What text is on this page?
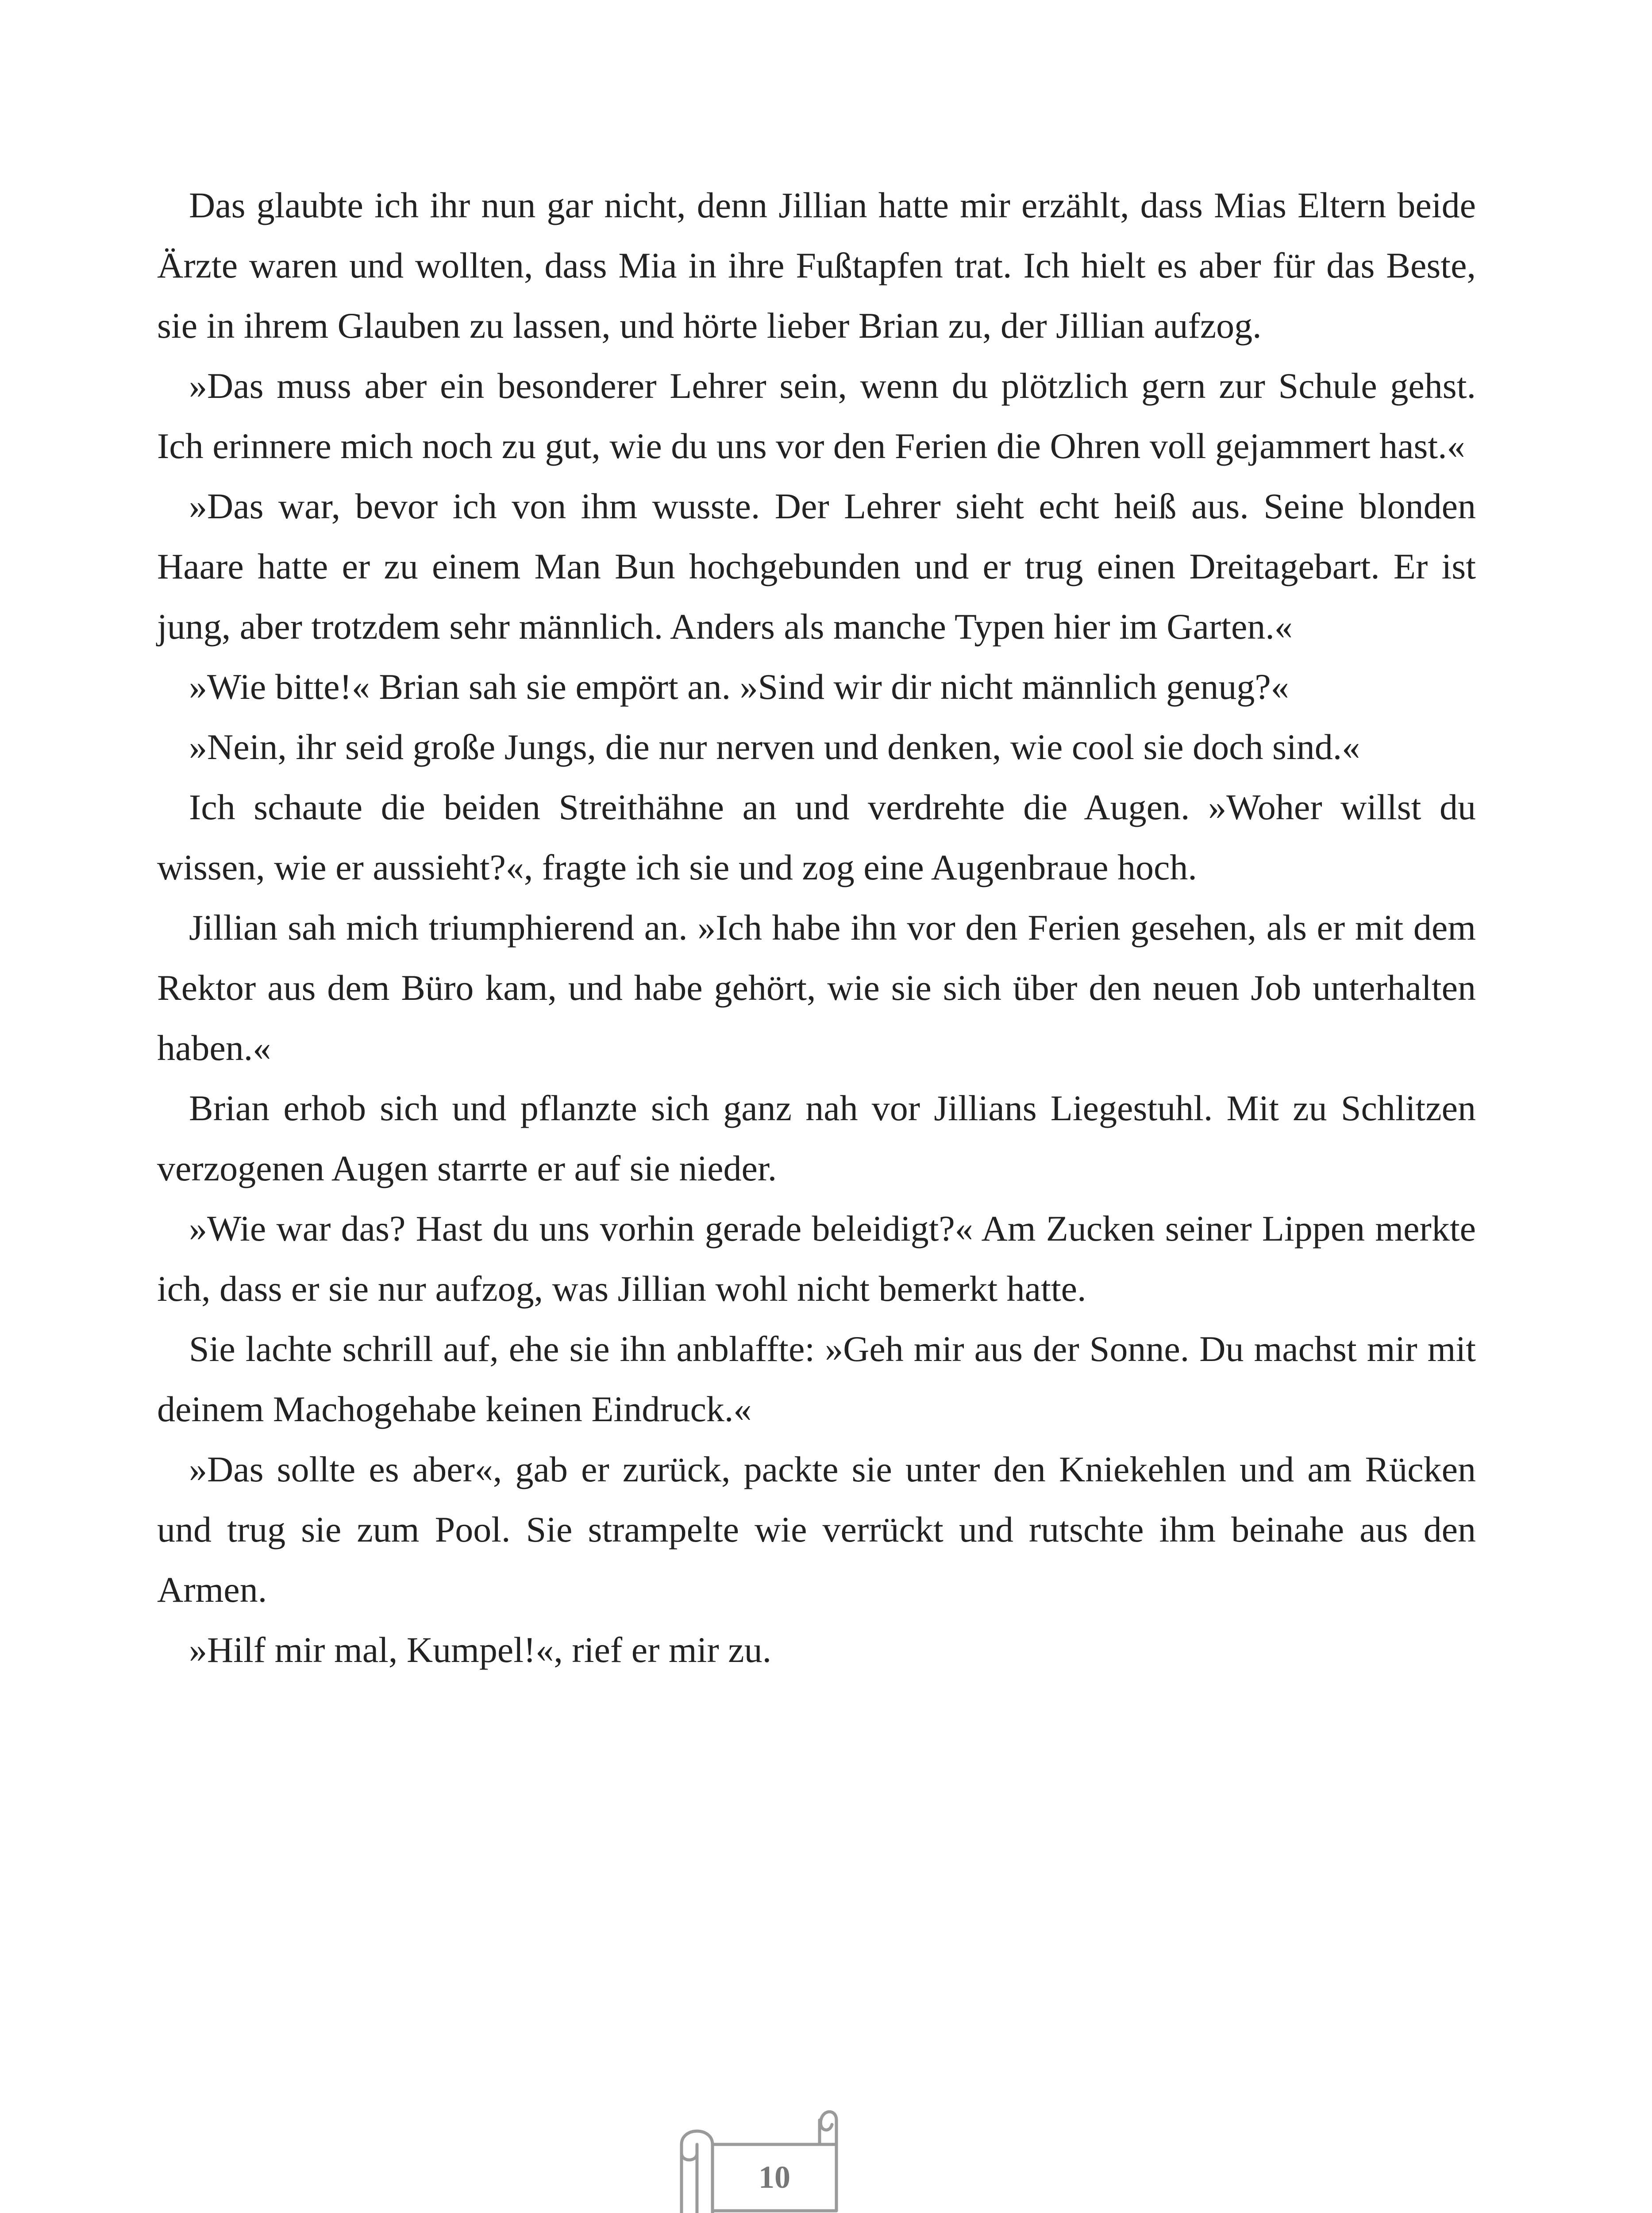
Das glaubte ich ihr nun gar nicht, denn Jillian hatte mir erzählt, dass Mias Eltern beide Ärzte waren und wollten, dass Mia in ihre Fußtapfen trat. Ich hielt es aber für das Beste, sie in ihrem Glauben zu lassen, und hörte lieber Brian zu, der Jillian aufzog.

»Das muss aber ein besonderer Lehrer sein, wenn du plötzlich gern zur Schule gehst. Ich erinnere mich noch zu gut, wie du uns vor den Ferien die Ohren voll gejammert hast.«

»Das war, bevor ich von ihm wusste. Der Lehrer sieht echt heiß aus. Seine blonden Haare hatte er zu einem Man Bun hochgebunden und er trug einen Dreitagebart. Er ist jung, aber trotzdem sehr männlich. Anders als manche Typen hier im Garten.«

»Wie bitte!« Brian sah sie empört an. »Sind wir dir nicht männlich genug?«

»Nein, ihr seid große Jungs, die nur nerven und denken, wie cool sie doch sind.«

Ich schaute die beiden Streithähne an und verdrehte die Augen. »Woher willst du wissen, wie er aussieht?«, fragte ich sie und zog eine Augenbraue hoch.

Jillian sah mich triumphierend an. »Ich habe ihn vor den Ferien gesehen, als er mit dem Rektor aus dem Büro kam, und habe gehört, wie sie sich über den neuen Job unterhalten haben.«

Brian erhob sich und pflanzte sich ganz nah vor Jillians Liegestuhl. Mit zu Schlitzen verzogenen Augen starrte er auf sie nieder.

»Wie war das? Hast du uns vorhin gerade beleidigt?« Am Zucken seiner Lippen merkte ich, dass er sie nur aufzog, was Jillian wohl nicht bemerkt hatte.

Sie lachte schrill auf, ehe sie ihn anblaffte: »Geh mir aus der Sonne. Du machst mir mit deinem Machogehabe keinen Eindruck.«

»Das sollte es aber«, gab er zurück, packte sie unter den Kniekehlen und am Rücken und trug sie zum Pool. Sie strampelte wie verrückt und rutschte ihm beinahe aus den Armen.

»Hilf mir mal, Kumpel!«, rief er mir zu.

10
